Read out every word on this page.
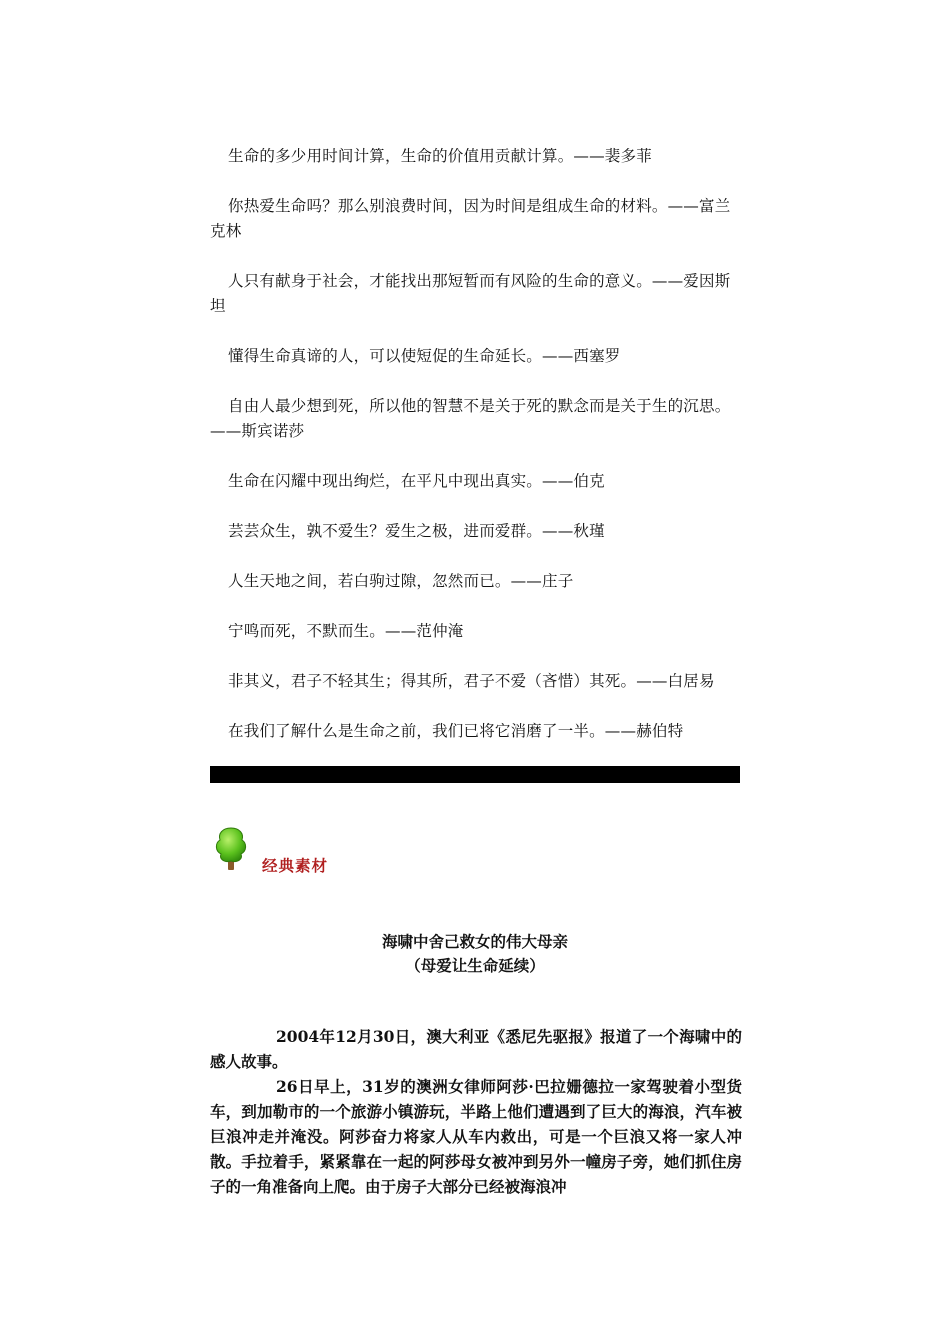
生命的多少用时间计算，生命的价值用贡献计算。——裴多菲

你热爱生命吗？那么别浪费时间，因为时间是组成生命的材料。——富兰克林

人只有献身于社会，才能找出那短暂而有风险的生命的意义。——爱因斯坦

懂得生命真谛的人，可以使短促的生命延长。——西塞罗

自由人最少想到死，所以他的智慧不是关于死的默念而是关于生的沉思。——斯宾诺莎

生命在闪耀中现出绚烂，在平凡中现出真实。——伯克

芸芸众生，孰不爱生？爱生之极，进而爱群。——秋瑾

人生天地之间，若白驹过隙，忽然而已。——庄子

宁鸣而死，不默而生。——范仲淹

非其义，君子不轻其生；得其所，君子不爱（吝惜）其死。——白居易

在我们了解什么是生命之前，我们已将它消磨了一半。——赫伯特

经典素材
海啸中舍己救女的伟大母亲
（母爱让生命延续）

2004年12月30日，澳大利亚《悉尼先驱报》报道了一个海啸中的感人故事。

26日早上，31岁的澳洲女律师阿莎·巴拉姗德拉一家驾驶着小型货车，到加勒市的一个旅游小镇游玩，半路上他们遭遇到了巨大的海浪，汽车被巨浪冲走并淹没。阿莎奋力将家人从车内救出，可是一个巨浪又将一家人冲散。手拉着手，紧紧靠在一起的阿莎母女被冲到另外一幢房子旁，她们抓住房子的一角准备向上爬。由于房子大部分已经被海浪冲
